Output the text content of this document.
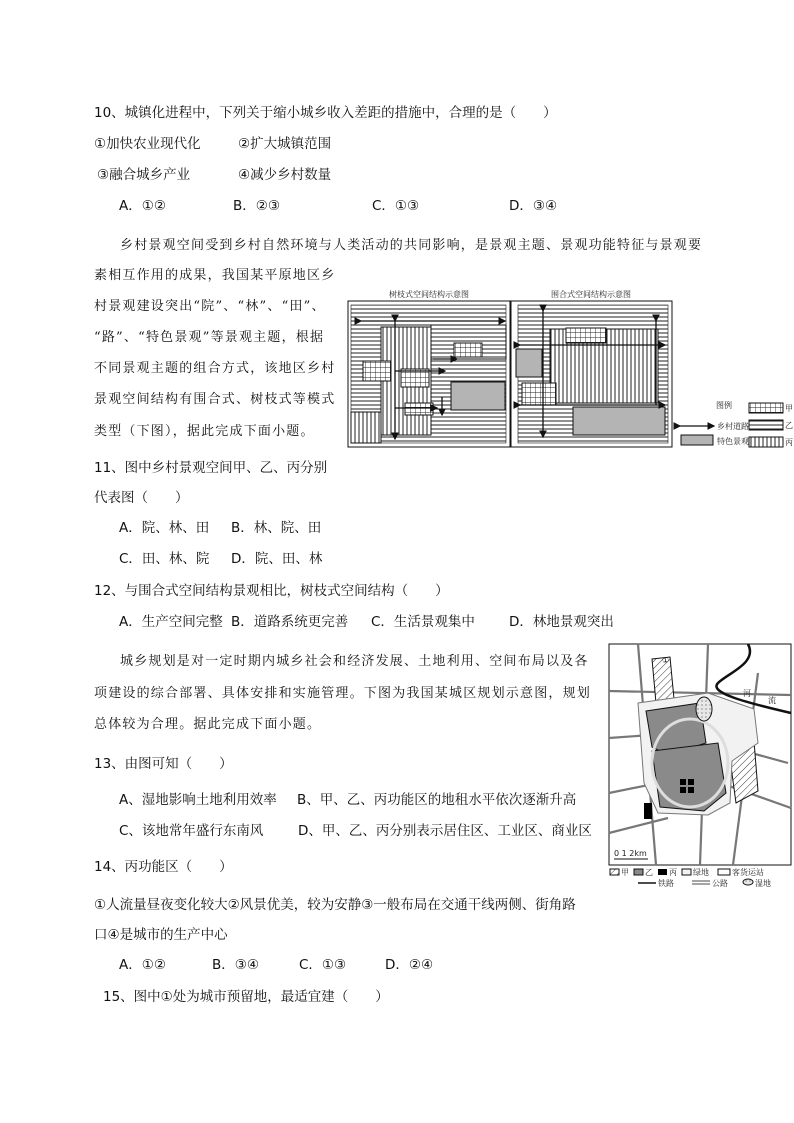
10、城镇化进程中，下列关于缩小城乡收入差距的措施中，合理的是（　　）
①加快农业现代化	②扩大城镇范围
③融合城乡产业	④减少乡村数量
A．①②	B．②③	C．①③	D．③④
乡村景观空间受到乡村自然环境与人类活动的共同影响，是景观主题、景观功能特征与景观要
素相互作用的成果，我国某平原地区乡
村景观建设突出“院”、“林”、“田”、
“路”、“特色景观”等景观主题，根据
不同景观主题的组合方式，该地区乡村
景观空间结构有围合式、树枝式等模式
类型（下图），据此完成下面小题。
树枝式空间结构示意图	围合式空间结构示意图
图例	甲
乡村道路	乙
特色景观	丙
11、图中乡村景观空间甲、乙、丙分别
代表图（　　）
A．院、林、田 B．林、院、田
C．田、林、院 D．院、田、林
12、与围合式空间结构景观相比，树枝式空间结构（　　）
A．生产空间完整 B．道路系统更完善 C．生活景观集中	D．林地景观突出
城乡规划是对一定时期内城乡社会和经济发展、土地利用、空间布局以及各
项建设的综合部署、具体安排和实施管理。下图为我国某城区规划示意图，规划
总体较为合理。据此完成下面小题。
河
流
①
0 1 2km
甲 乙 丙 绿地	客货运站
铁路	公路	湿地
13、由图可知（　　）
A、湿地影响土地利用效率 B、甲、乙、丙功能区的地租水平依次逐渐升高
C、该地常年盛行东南风	D、甲、乙、丙分别表示居住区、工业区、商业区
14、丙功能区（　　）
①人流量昼夜变化较大②风景优美，较为安静③一般布局在交通干线两侧、街角路
口④是城市的生产中心
A．①②	B．③④	C．①③	D．②④
15、图中①处为城市预留地，最适宜建（　　）
